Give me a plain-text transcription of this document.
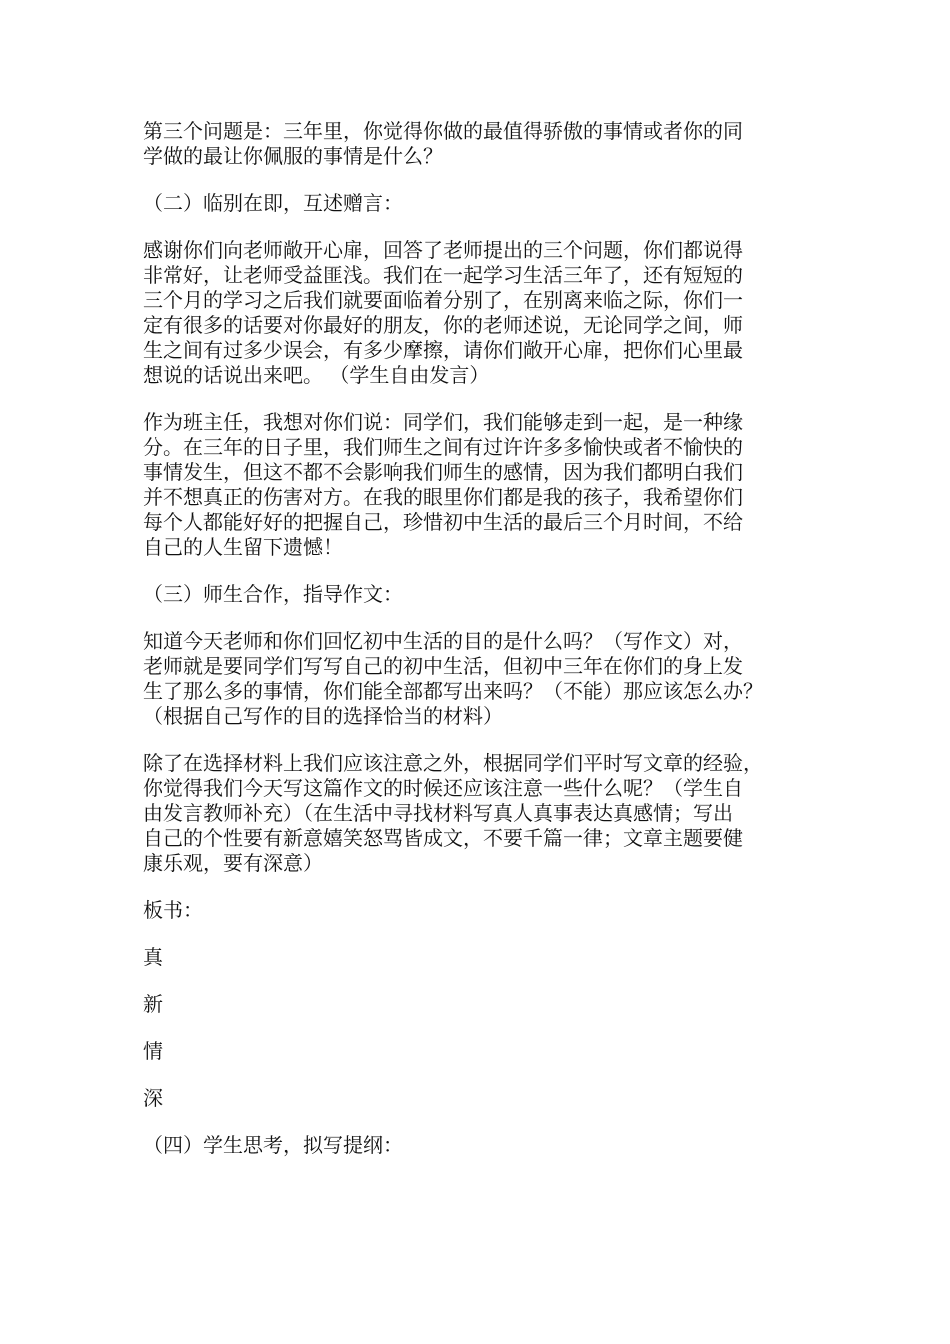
第三个问题是：三年里，你觉得你做的最值得骄傲的事情或者你的同
学做的最让你佩服的事情是什么？

（二）临别在即，互述赠言：

感谢你们向老师敞开心扉，回答了老师提出的三个问题，你们都说得
非常好，让老师受益匪浅。我们在一起学习生活三年了，还有短短的
三个月的学习之后我们就要面临着分别了，在别离来临之际，你们一
定有很多的话要对你最好的朋友，你的老师述说，无论同学之间，师
生之间有过多少误会，有多少摩擦，请你们敞开心扉，把你们心里最
想说的话说出来吧。 （学生自由发言）

作为班主任，我想对你们说：同学们，我们能够走到一起，是一种缘
分。在三年的日子里，我们师生之间有过许许多多愉快或者不愉快的
事情发生，但这不都不会影响我们师生的感情，因为我们都明白我们
并不想真正的伤害对方。在我的眼里你们都是我的孩子，我希望你们
每个人都能好好的把握自己，珍惜初中生活的最后三个月时间，不给
自己的人生留下遗憾！

（三）师生合作，指导作文：

知道今天老师和你们回忆初中生活的目的是什么吗？（写作文）对，
老师就是要同学们写写自己的初中生活，但初中三年在你们的身上发
生了那么多的事情，你们能全部都写出来吗？（不能）那应该怎么办？
（根据自己写作的目的选择恰当的材料）

除了在选择材料上我们应该注意之外，根据同学们平时写文章的经验，
你觉得我们今天写这篇作文的时候还应该注意一些什么呢？（学生自
由发言教师补充）（在生活中寻找材料写真人真事表达真感情；写出
自己的个性要有新意嬉笑怒骂皆成文，不要千篇一律；文章主题要健
康乐观，要有深意）

板书：

真

新

情

深

（四）学生思考，拟写提纲：
